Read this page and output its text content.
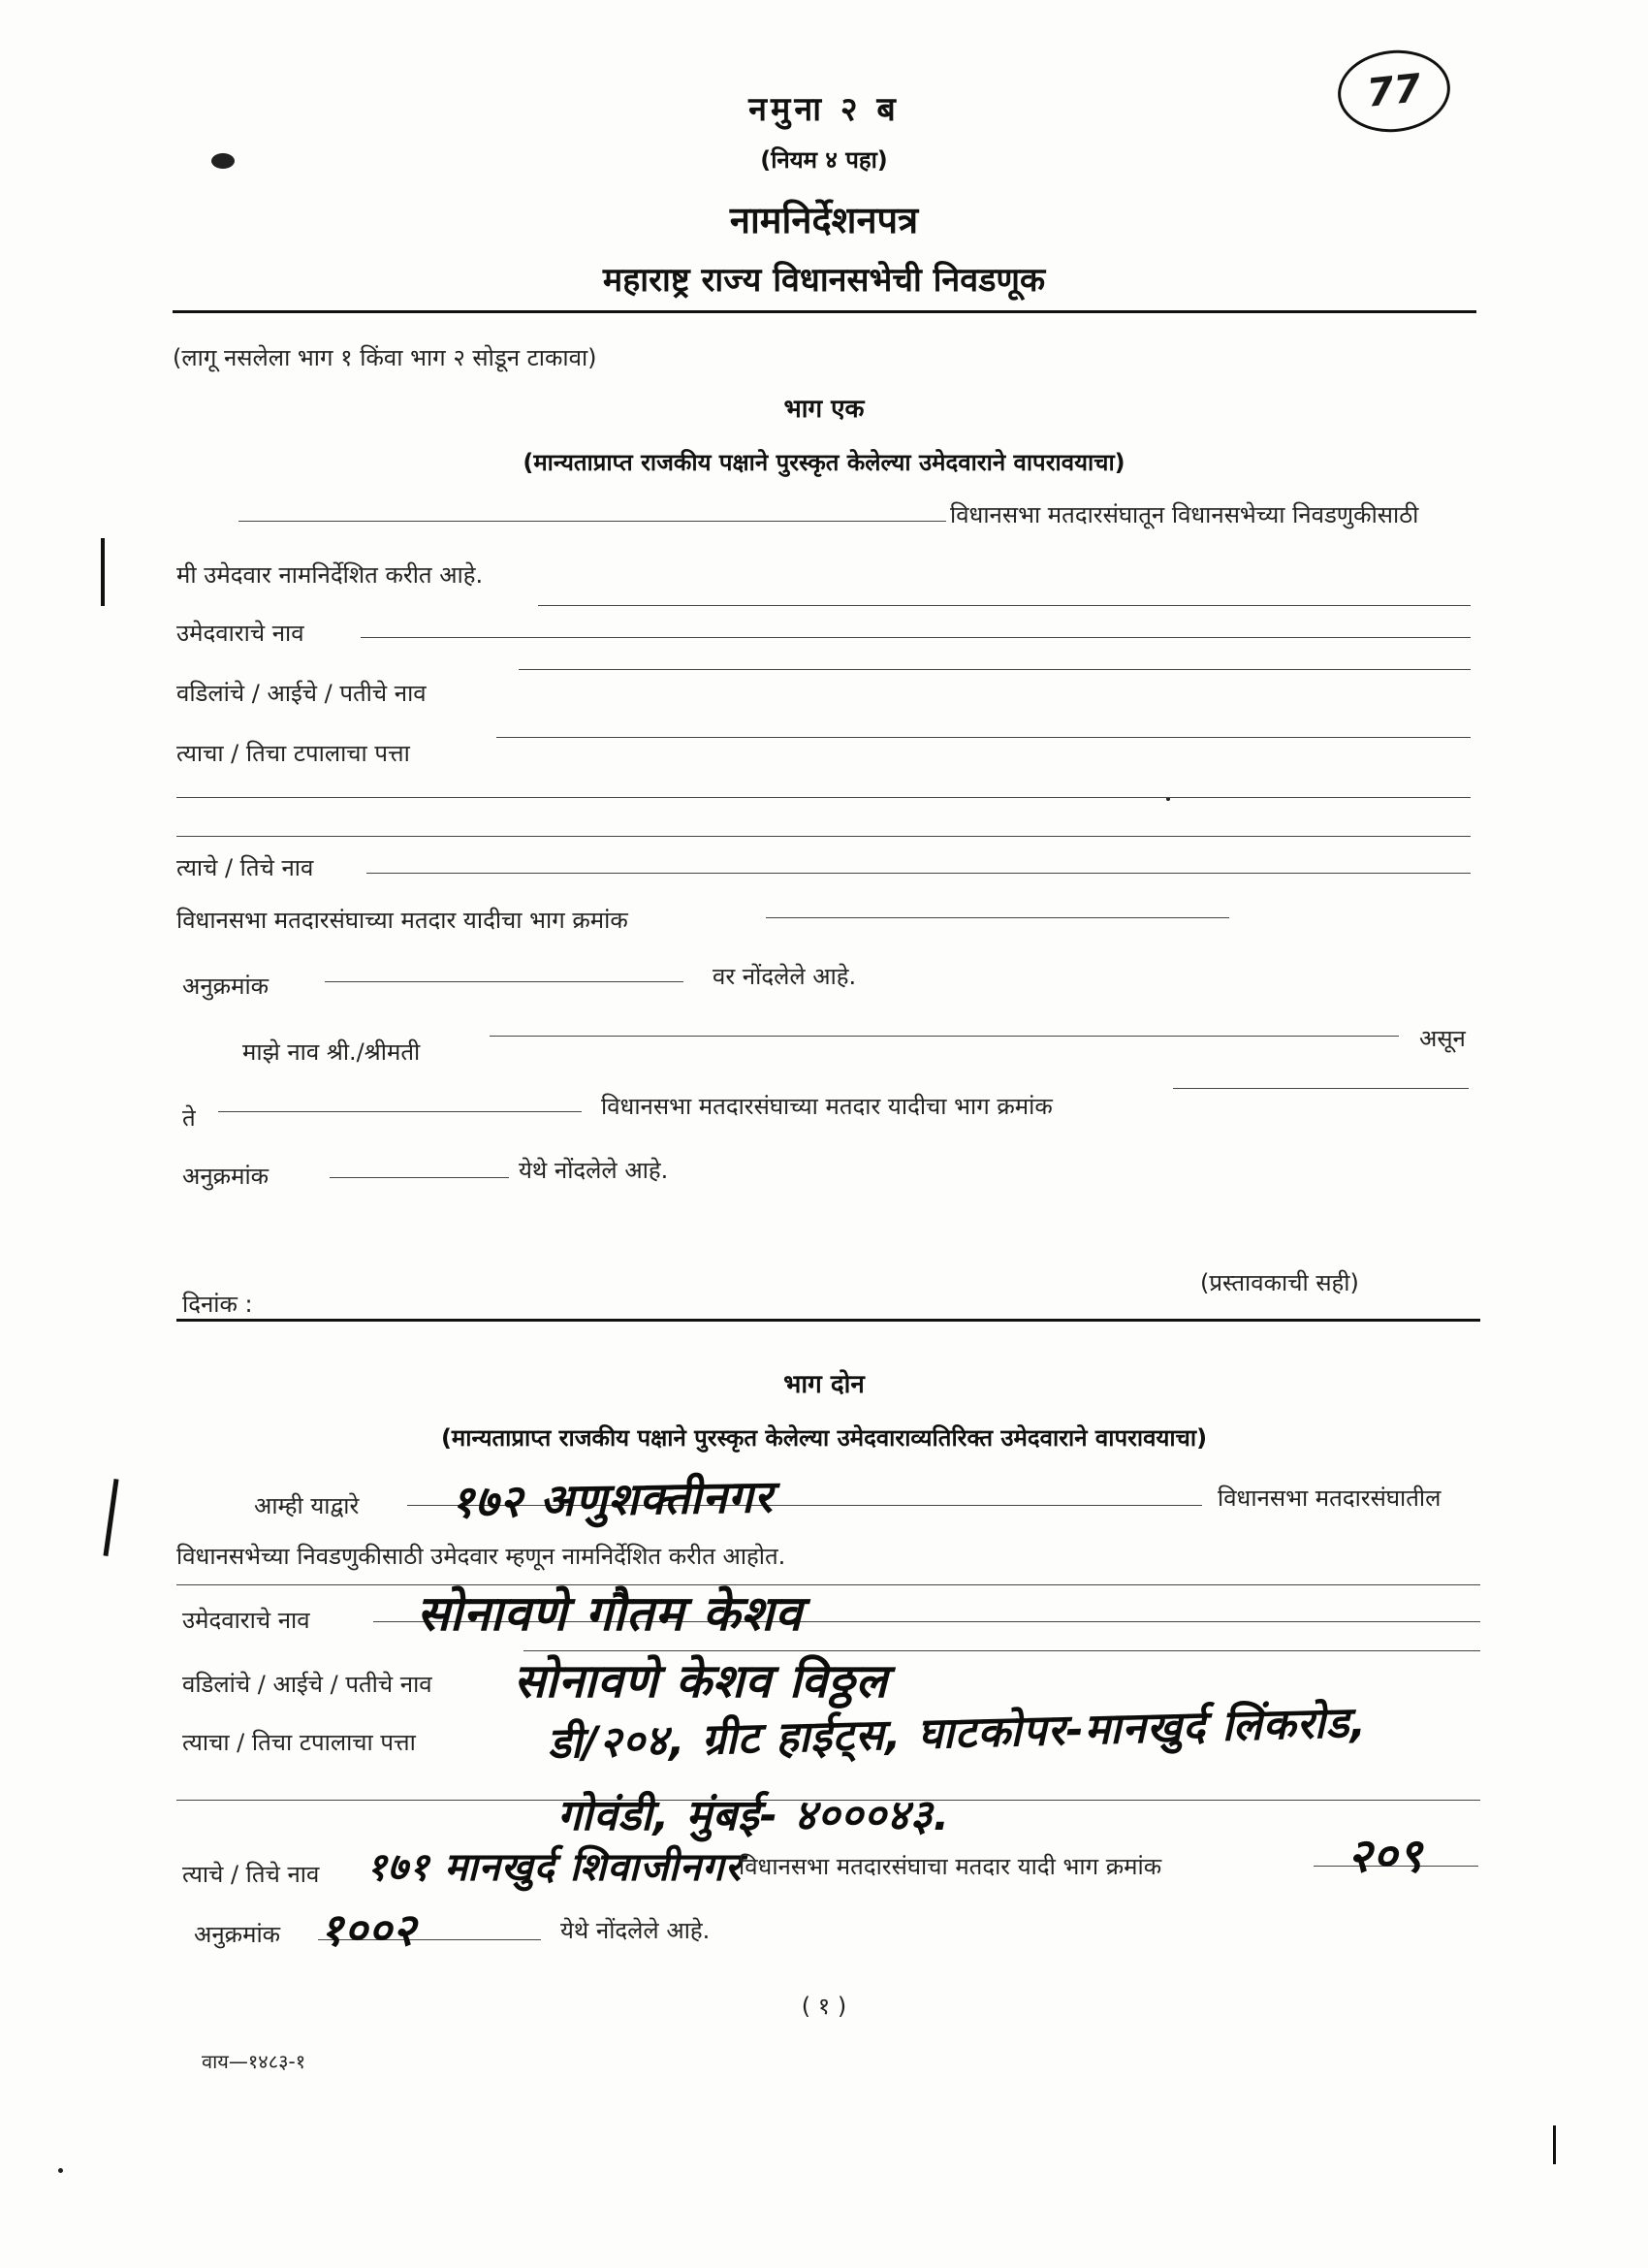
नमुना २ ब	77
(नियम ४ पहा)
नामनिर्देशनपत्र
महाराष्ट्र राज्य विधानसभेची निवडणूक
(लागू नसलेला भाग १ किंवा भाग २ सोडून टाकावा)
भाग एक
(मान्यताप्राप्त राजकीय पक्षाने पुरस्कृत केलेल्या उमेदवाराने वापरावयाचा)
विधानसभा मतदारसंघातून विधानसभेच्या निवडणुकीसाठी
मी उमेदवार नामनिर्देशित करीत आहे.
उमेदवाराचे नाव
वडिलांचे / आईचे / पतीचे नाव
त्याचा / तिचा टपालाचा पत्ता
त्याचे / तिचे नाव
विधानसभा मतदारसंघाच्या मतदार यादीचा भाग क्रमांक
अनुक्रमांक	वर नोंदलेले आहे.
माझे नाव श्री./श्रीमती	असून
ते	विधानसभा मतदारसंघाच्या मतदार यादीचा भाग क्रमांक
अनुक्रमांक	येथे नोंदलेले आहे.
(प्रस्तावकाची सही)
दिनांक :
भाग दोन
(मान्यताप्राप्त राजकीय पक्षाने पुरस्कृत केलेल्या उमेदवाराव्यतिरिक्त उमेदवाराने वापरावयाचा)
आम्ही याद्वारे १७२ अणुशक्तीनगर	विधानसभा मतदारसंघातील
विधानसभेच्या निवडणुकीसाठी उमेदवार म्हणून नामनिर्देशित करीत आहोत.
उमेदवाराचे नाव सोनावणे गौतम केशव
वडिलांचे / आईचे / पतीचे नाव सोनावणे केशव विठ्ठल
त्याचा / तिचा टपालाचा पत्ता	डी/२०४, ग्रीट हाईट्स, घाटकोपर-मानखुर्द लिंकरोड,
गोवंडी, मुंबई- ४०००४३.
त्याचे / तिचे नाव १७१ मानखुर्द शिवाजीनगर
विधानसभा मतदारसंघाचा मतदार यादी भाग क्रमांक	२०९
अनुक्रमांक १००२	येथे नोंदलेले आहे.
( १ )
वाय—१४८३-१
